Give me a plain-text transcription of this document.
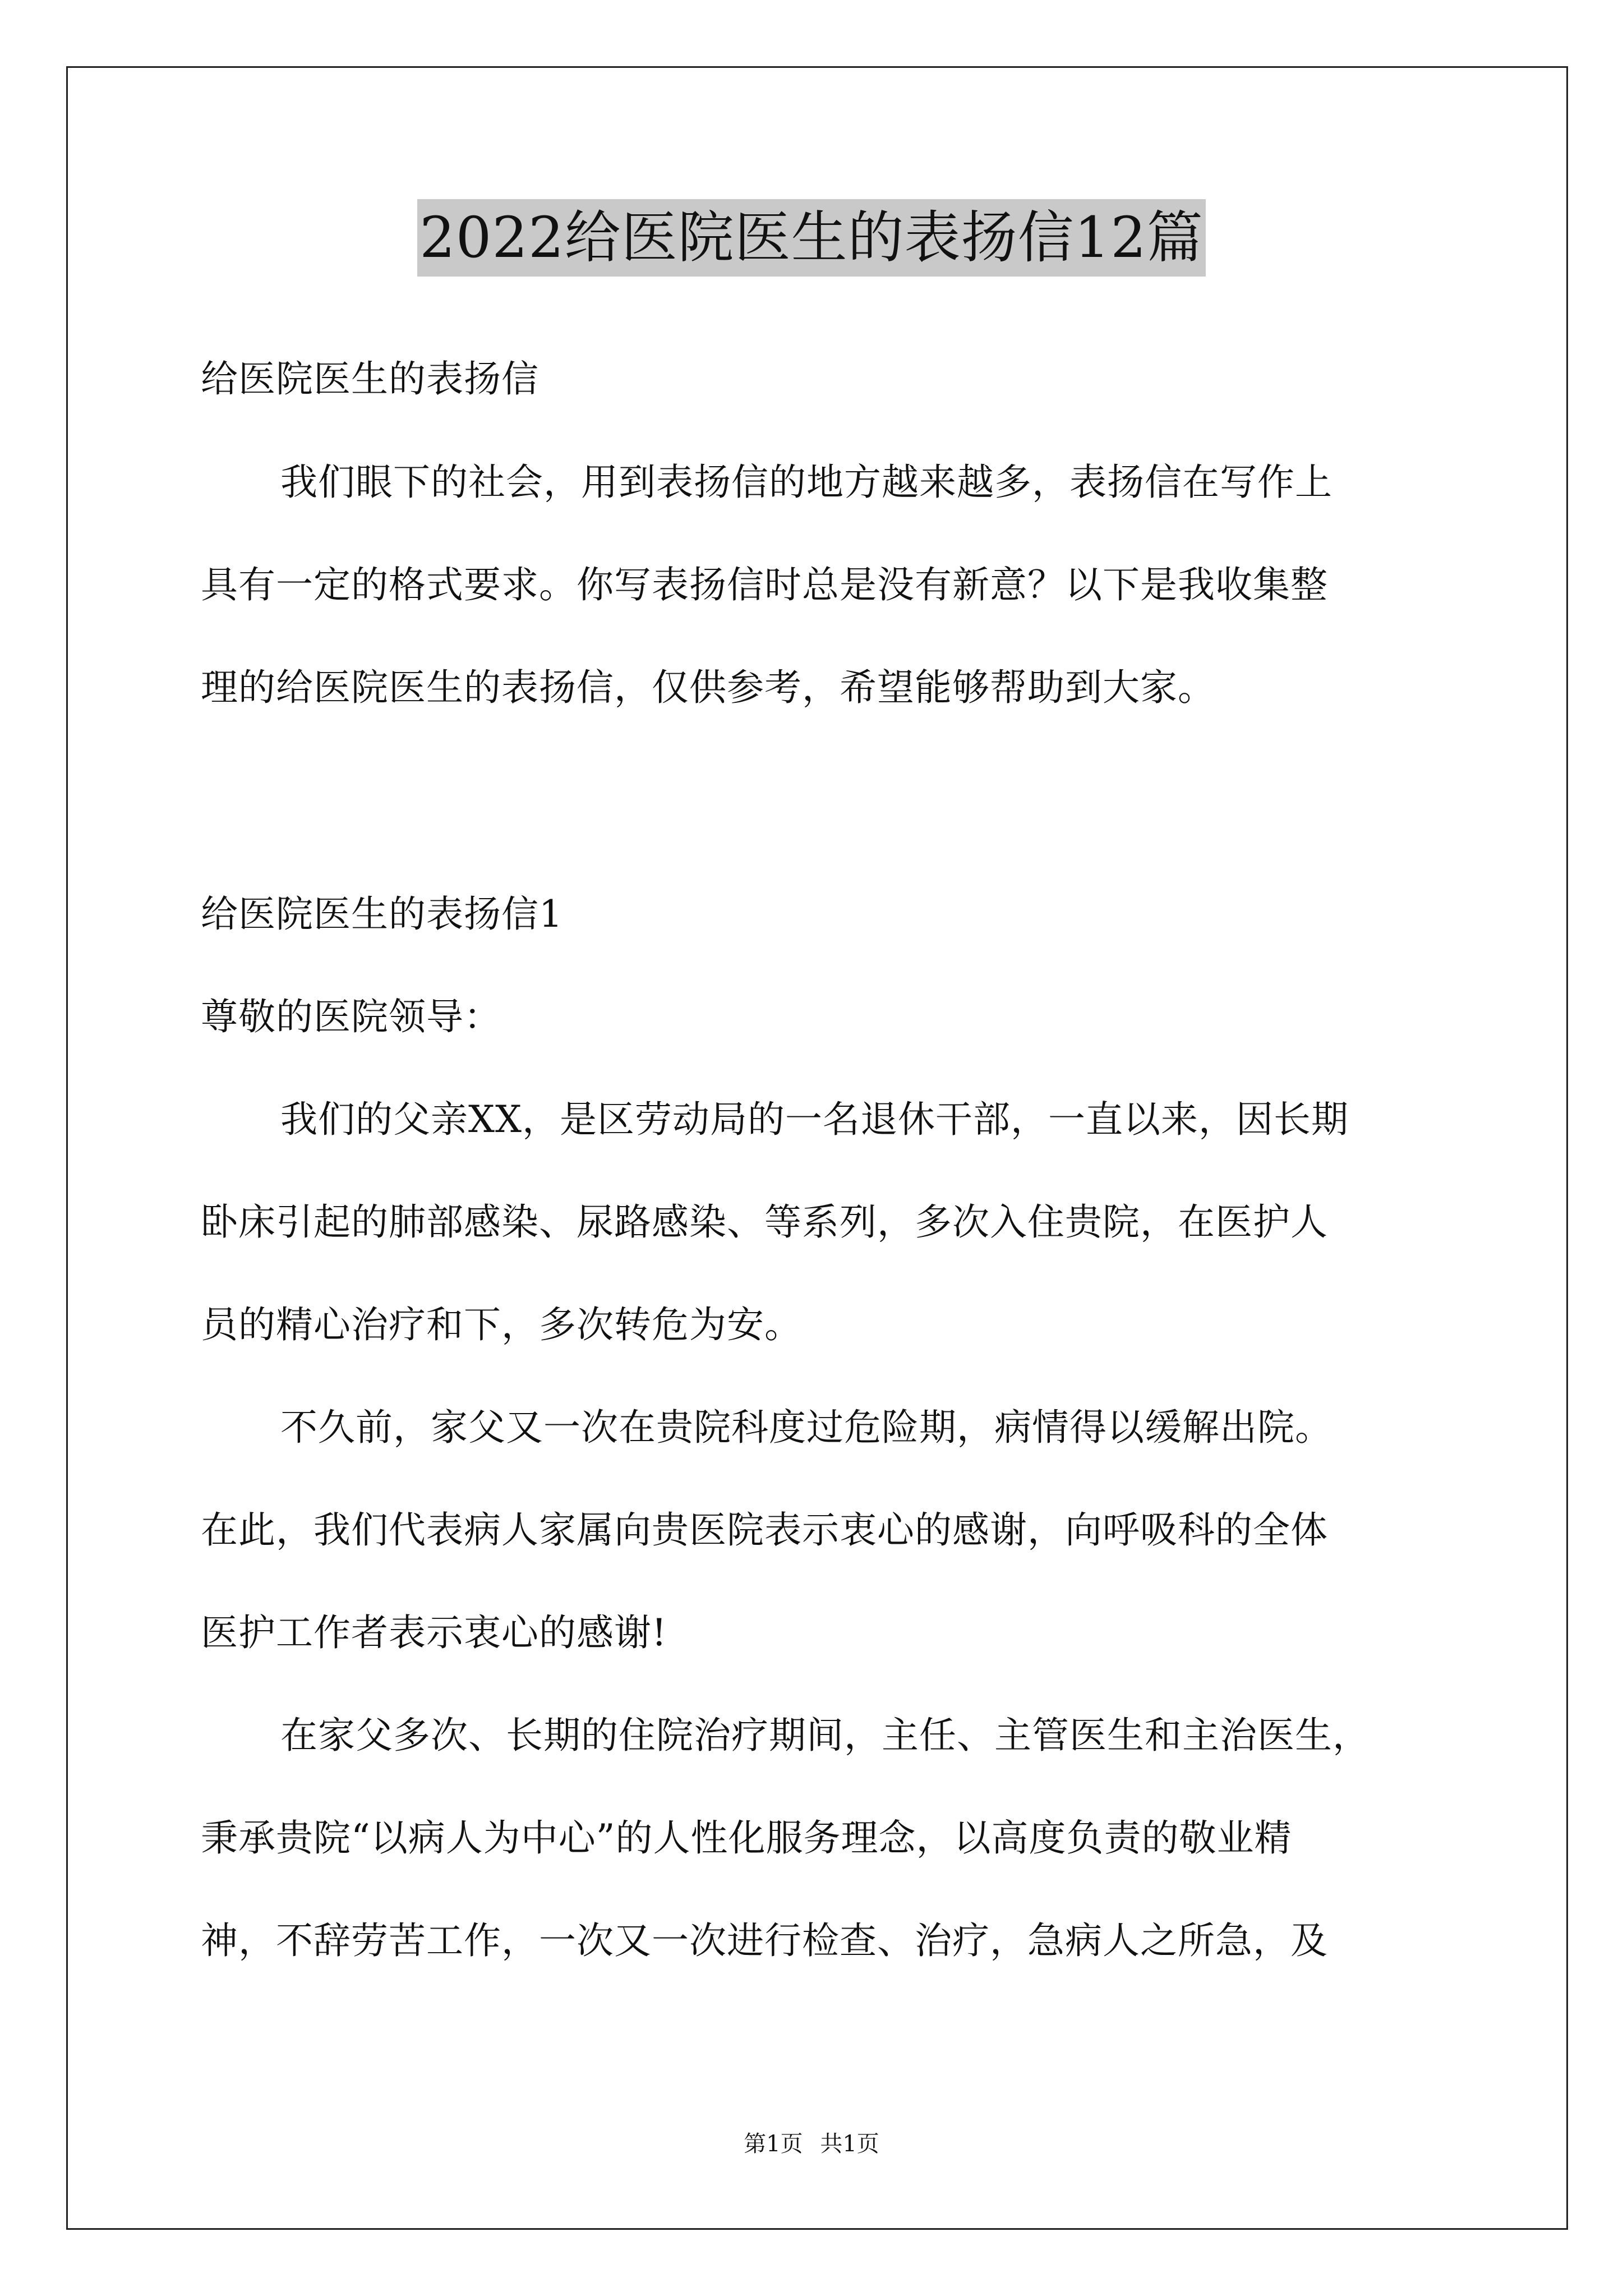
2022给医院医生的表扬信12篇
给医院医生的表扬信
我们眼下的社会，用到表扬信的地方越来越多，表扬信在写作上
具有一定的格式要求。你写表扬信时总是没有新意？以下是我收集整
理的给医院医生的表扬信，仅供参考，希望能够帮助到大家。
给医院医生的表扬信1
尊敬的医院领导：
我们的父亲XX，是区劳动局的一名退休干部，一直以来，因长期
卧床引起的肺部感染、尿路感染、等系列，多次入住贵院，在医护人
员的精心治疗和下，多次转危为安。
不久前，家父又一次在贵院科度过危险期，病情得以缓解出院。
在此，我们代表病人家属向贵医院表示衷心的感谢，向呼吸科的全体
医护工作者表示衷心的感谢!
在家父多次、长期的住院治疗期间，主任、主管医生和主治医生，
秉承贵院“以病人为中心”的人性化服务理念，以高度负责的敬业精
神，不辞劳苦工作，一次又一次进行检查、治疗，急病人之所急，及
第1页 共1页
